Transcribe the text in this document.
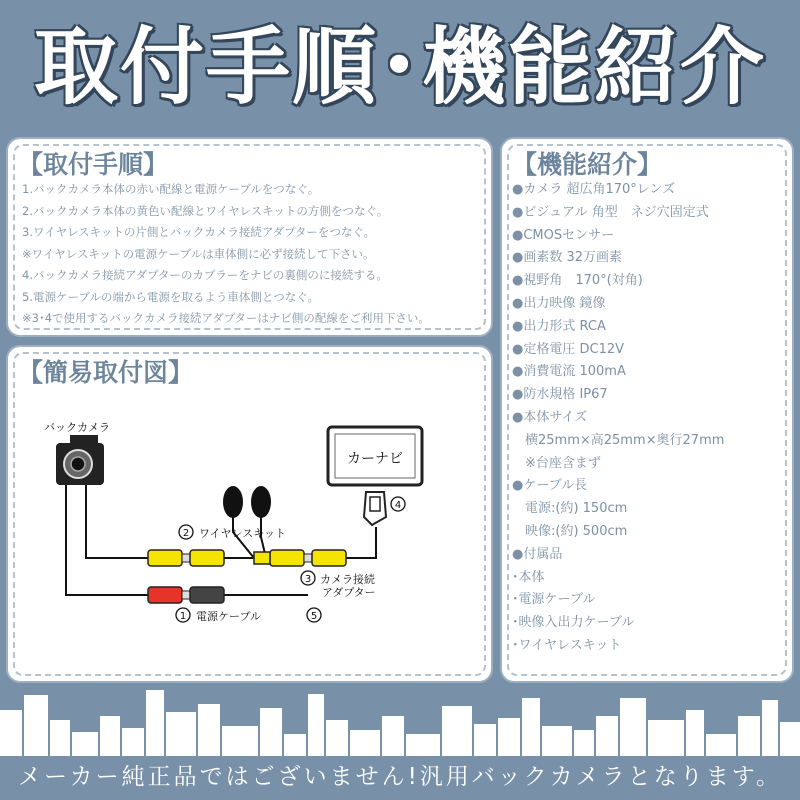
取付手順･機能紹介
【取付手順】
1.バックカメラ本体の赤い配線と電源ケーブルをつなぐ。
2.バックカメラ本体の黄色い配線とワイヤレスキットの方側をつなぐ。
3.ワイヤレスキットの片側とバックカメラ接続アダプターをつなぐ。
※ワイヤレスキットの電源ケーブルは車体側に必ず接続して下さい。
4.バックカメラ接続アダプターのカプラーをナビの裏側のに接続する。
5.電源ケーブルの端から電源を取るよう車体側とつなぐ。
※3･4で使用するバックカメラ接続アダプターはナビ側の配線をご利用下さい。
【簡易取付図】
バックカメラ
カーナビ
1 電源ケーブル
2 ワイヤレスキット
3 カメラ接続
アダプター
4
5
【機能紹介】
●カメラ 超広角170°レンズ
●ビジュアル 角型　ネジ穴固定式
●CMOSセンサー
●画素数 32万画素
●視野角　170°(対角)
●出力映像 鏡像
●出力形式 RCA
●定格電圧 DC12V
●消費電流 100mA
●防水規格 IP67
●本体サイズ
　横25mm×高25mm×奥行27mm
　※台座含まず
●ケーブル長
　電源:(約) 150cm
　映像:(約) 500cm
●付属品
･本体
･電源ケーブル
･映像入出力ケーブル
･ワイヤレスキット
メーカー純正品ではございません!汎用バックカメラとなります。
